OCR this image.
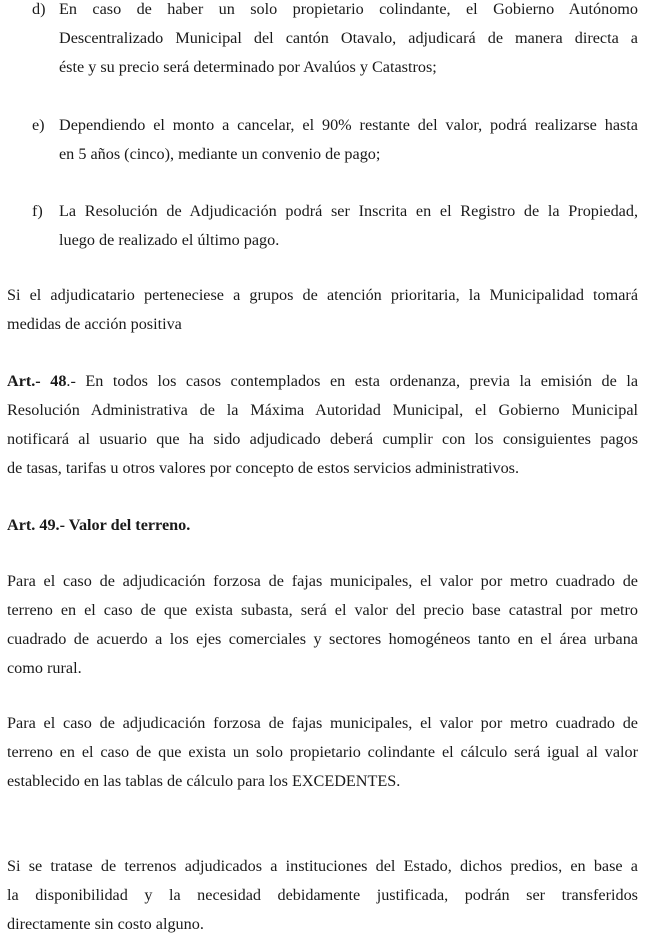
d) En caso de haber un solo propietario colindante, el Gobierno Autónomo
Descentralizado Municipal del cantón Otavalo, adjudicará de manera directa a
éste y su precio será determinado por Avalúos y Catastros;
e) Dependiendo el monto a cancelar, el 90% restante del valor, podrá realizarse hasta
en 5 años (cinco), mediante un convenio de pago;
f) La Resolución de Adjudicación podrá ser Inscrita en el Registro de la Propiedad,
luego de realizado el último pago.
Si el adjudicatario perteneciese a grupos de atención prioritaria, la Municipalidad tomará
medidas de acción positiva
Art.- 48.- En todos los casos contemplados en esta ordenanza, previa la emisión de la
Resolución Administrativa de la Máxima Autoridad Municipal, el Gobierno Municipal
notificará al usuario que ha sido adjudicado deberá cumplir con los consiguientes pagos
de tasas, tarifas u otros valores por concepto de estos servicios administrativos.
Art. 49.- Valor del terreno.
Para el caso de adjudicación forzosa de fajas municipales, el valor por metro cuadrado de
terreno en el caso de que exista subasta, será el valor del precio base catastral por metro
cuadrado de acuerdo a los ejes comerciales y sectores homogéneos tanto en el área urbana
como rural.
Para el caso de adjudicación forzosa de fajas municipales, el valor por metro cuadrado de
terreno en el caso de que exista un solo propietario colindante el cálculo será igual al valor
establecido en las tablas de cálculo para los EXCEDENTES.
Si se tratase de terrenos adjudicados a instituciones del Estado, dichos predios, en base a
la disponibilidad y la necesidad debidamente justificada, podrán ser transferidos
directamente sin costo alguno.
